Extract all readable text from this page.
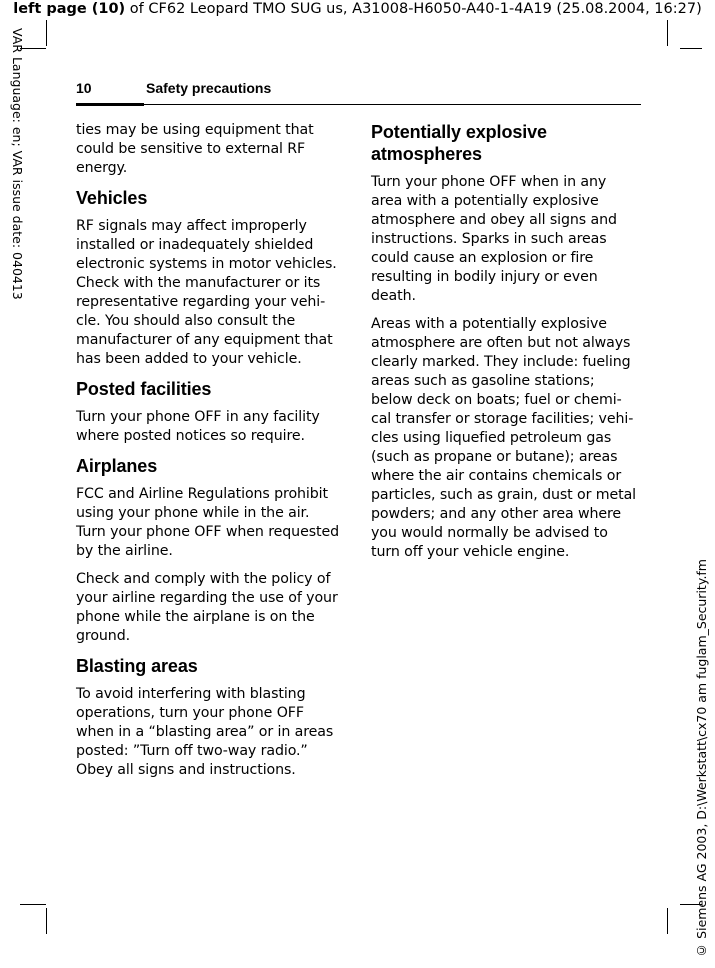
left page (10) of CF62 Leopard TMO SUG us, A31008-H6050-A40-1-4A19 (25.08.2004, 16:27)
VAR Language: en; VAR issue date: 040413
© Siemens AG 2003, D:\Werkstatt\cx70 am fuglam_Security.fm
10	Safety precautions

ties may be using equipment that could be sensitive to external RF energy.

Vehicles

RF signals may affect improperly installed or inadequately shielded electronic systems in motor vehicles. Check with the manufacturer or its representative regarding your vehi-cle. You should also consult the manufacturer of any equipment that has been added to your vehicle.

Posted facilities

Turn your phone OFF in any facility where posted notices so require.

Airplanes

FCC and Airline Regulations prohibit using your phone while in the air. Turn your phone OFF when requested by the airline.

Check and comply with the policy of your airline regarding the use of your phone while the airplane is on the ground.

Blasting areas

To avoid interfering with blasting operations, turn your phone OFF when in a “blasting area” or in areas posted: ”Turn off two-way radio.” Obey all signs and instructions.

Potentially explosive atmospheres

Turn your phone OFF when in any area with a potentially explosive atmosphere and obey all signs and instructions. Sparks in such areas could cause an explosion or fire resulting in bodily injury or even death.

Areas with a potentially explosive atmosphere are often but not always clearly marked. They include: fueling areas such as gasoline stations; below deck on boats; fuel or chemi-cal transfer or storage facilities; vehi-cles using liquefied petroleum gas (such as propane or butane); areas where the air contains chemicals or particles, such as grain, dust or metal powders; and any other area where you would normally be advised to turn off your vehicle engine.
